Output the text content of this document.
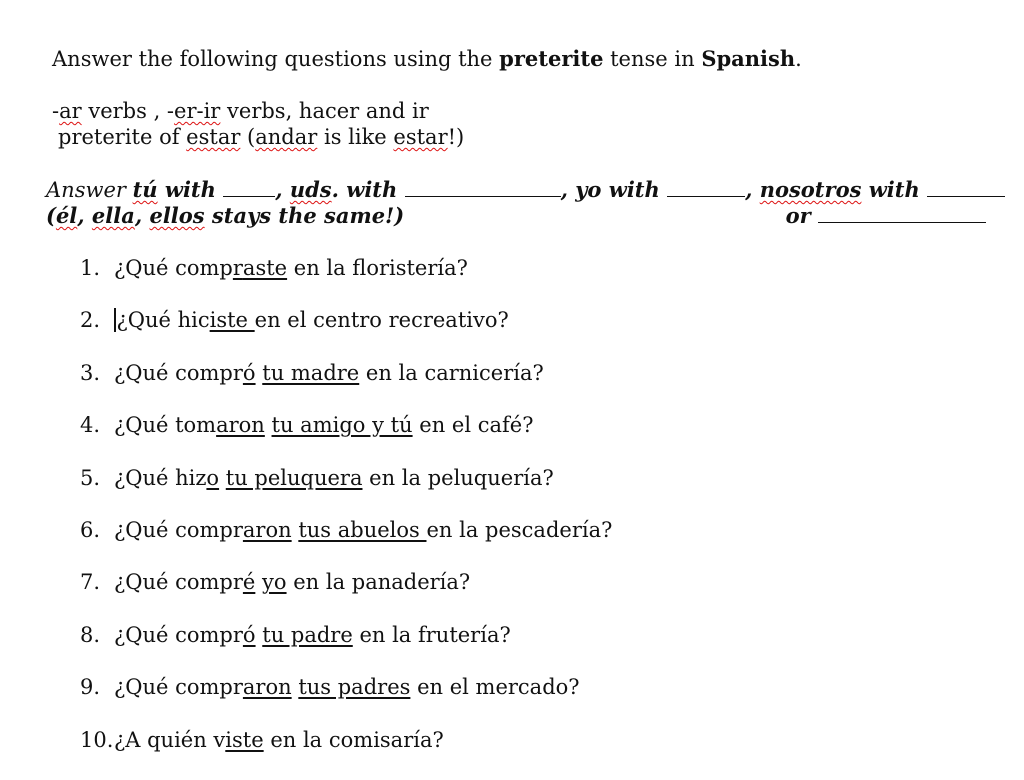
Answer the following questions using the preterite tense in Spanish.
-ar verbs , -er-ir verbs, hacer and ir
preterite of estar (andar is like estar!)
Answer tú with , uds. with	, yo with	, nosotros with
(él, ella, ellos stays the same!)	or
1. ¿Qué compraste en la floristería?
2. ¿Qué hiciste en el centro recreativo?
3. ¿Qué compró tu madre en la carnicería?
4. ¿Qué tomaron tu amigo y tú en el café?
5. ¿Qué hizo tu peluquera en la peluquería?
6. ¿Qué compraron tus abuelos en la pescadería?
7. ¿Qué compré yo en la panadería?
8. ¿Qué compró tu padre en la frutería?
9. ¿Qué compraron tus padres en el mercado?
10.¿A quién viste en la comisaría?
